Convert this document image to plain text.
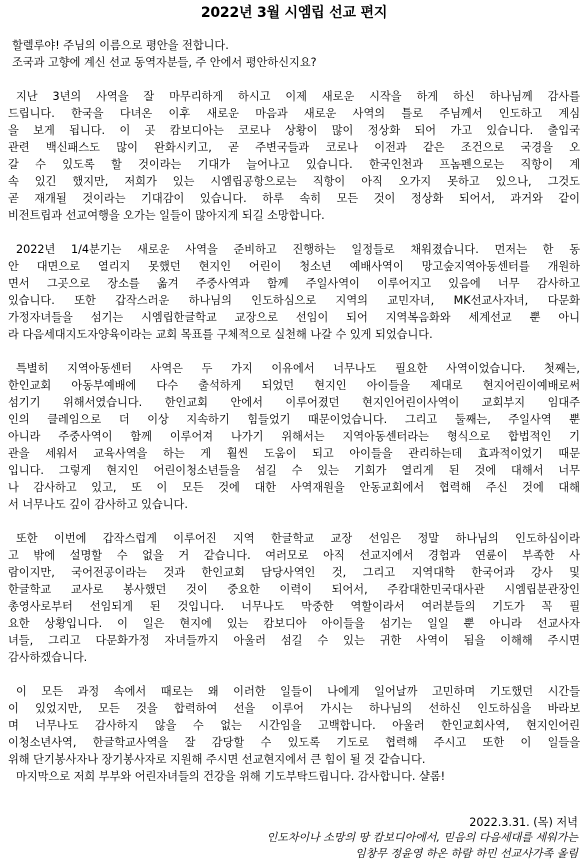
2022년 3월 시엠립 선교 편지
할렐루야! 주님의 이름으로 평안을 전합니다.
조국과 고향에 계신 선교 동역자분들, 주 안에서 평안하신지요?
지난 3년의 사역을 잘 마무리하게 하시고 이제 새로운 시작을 하게 하신 하나님께 감사를
드립니다. 한국을 다녀온 이후 새로운 마음과 새로운 사역의 틀로 주님께서 인도하고 계심
을 보게 됩니다. 이 곳 캄보디아는 코로나 상황이 많이 정상화 되어 가고 있습니다. 출입국
관련 백신패스도 많이 완화시키고, 곧 주변국들과 코로나 이전과 같은 조건으로 국경을 오
갈 수 있도록 할 것이라는 기대가 늘어나고 있습니다. 한국인천과 프놈펜으로는 직항이 계
속 있긴 했지만, 저희가 있는 시엠립공항으로는 직항이 아직 오가지 못하고 있으나, 그것도
곧 재개될 것이라는 기대감이 있습니다. 하루 속히 모든 것이 정상화 되어서, 과거와 같이
비전트립과 선교여행을 오가는 일들이 많아지게 되길 소망합니다.
2022년 1/4분기는 새로운 사역을 준비하고 진행하는 일정들로 채워졌습니다. 먼저는 한 동
안 대면으로 열리지 못했던 현지인 어린이 청소년 예배사역이 망고숲지역아동센터를 개원하
면서 그곳으로 장소를 옮겨 주중사역과 함께 주일사역이 이루어지고 있음에 너무 감사하고
있습니다. 또한 갑작스러운 하나님의 인도하심으로 지역의 교민자녀, MK선교사자녀, 다문화
가정자녀들을 섬기는 시엠립한글학교 교장으로 선임이 되어 지역복음화와 세계선교 뿐 아니
라 다음세대지도자양육이라는 교회 목표를 구체적으로 실천해 나갈 수 있게 되었습니다.
특별히 지역아동센터 사역은 두 가지 이유에서 너무나도 필요한 사역이었습니다. 첫째는,
한인교회 아동부예배에 다수 출석하게 되었던 현지인 아이들을 제대로 현지어린이예배로써
섬기기 위해서였습니다. 한인교회 안에서 이루어졌던 현지인어린이사역이 교회부지 임대주
인의 클레임으로 더 이상 지속하기 힘들었기 때문이었습니다. 그리고 둘째는, 주일사역 뿐
아니라 주중사역이 함께 이루어져 나가기 위해서는 지역아동센터라는 형식으로 합법적인 기
관을 세워서 교육사역을 하는 게 훨씬 도움이 되고 아이들을 관리하는데 효과적이었기 때문
입니다. 그렇게 현지인 어린이청소년들을 섬길 수 있는 기회가 열리게 된 것에 대해서 너무
나 감사하고 있고, 또 이 모든 것에 대한 사역재원을 안동교회에서 협력해 주신 것에 대해
서 너무나도 깊이 감사하고 있습니다.
또한 이번에 갑작스럽게 이루어진 지역 한글학교 교장 선임은 정말 하나님의 인도하심이라
고 밖에 설명할 수 없을 거 같습니다. 여러모로 아직 선교지에서 경험과 연륜이 부족한 사
람이지만, 국어전공이라는 것과 한인교회 담당사역인 것, 그리고 지역대학 한국어과 강사 및
한글학교 교사로 봉사했던 것이 중요한 이력이 되어서, 주캄대한민국대사관 시엠립분관장인
총영사로부터 선임되게 된 것입니다. 너무나도 막중한 역할이라서 여러분들의 기도가 꼭 필
요한 상황입니다. 이 일은 현지에 있는 캄보디아 아이들을 섬기는 일일 뿐 아니라 선교사자
녀들, 그리고 다문화가정 자녀들까지 아울러 섬길 수 있는 귀한 사역이 됨을 이해해 주시면
감사하겠습니다.
이 모든 과정 속에서 때로는 왜 이러한 일들이 나에게 일어날까 고민하며 기도했던 시간들
이 있었지만, 모든 것을 합력하여 선을 이루어 가시는 하나님의 선하신 인도하심을 바라보
며 너무나도 감사하지 않을 수 없는 시간임을 고백합니다. 아울러 한인교회사역, 현지인어린
이청소년사역, 한글학교사역을 잘 감당할 수 있도록 기도로 협력해 주시고 또한 이 일들을
위해 단기봉사자나 장기봉사자로 지원해 주시면 선교현지에서 큰 힘이 될 것 같습니다.
마지막으로 저희 부부와 어린자녀들의 건강을 위해 기도부탁드립니다. 감사합니다. 샬롬!
2022.3.31. (목) 저녁
인도차이나 소망의 땅 캄보디아에서, 믿음의 다음세대를 세워가는
임창무 정윤영 하온 하람 하민 선교사가족 올림
